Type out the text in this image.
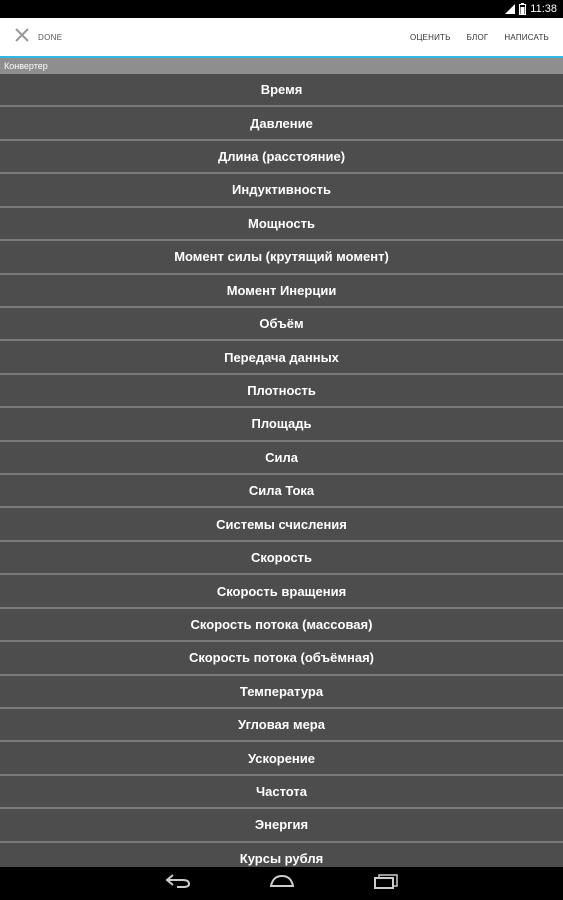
11:38
DONE	ОЦЕНИТЬ	БЛОГ	НАПИСАТЬ
Конвертер
Время
Давление
Длина (расстояние)
Индуктивность
Мощность
Момент силы (крутящий момент)
Момент Инерции
Объём
Передача данных
Плотность
Площадь
Сила
Сила Тока
Системы счисления
Скорость
Скорость вращения
Скорость потока (массовая)
Скорость потока (объёмная)
Температура
Угловая мера
Ускорение
Частота
Энергия
Курсы рубля
